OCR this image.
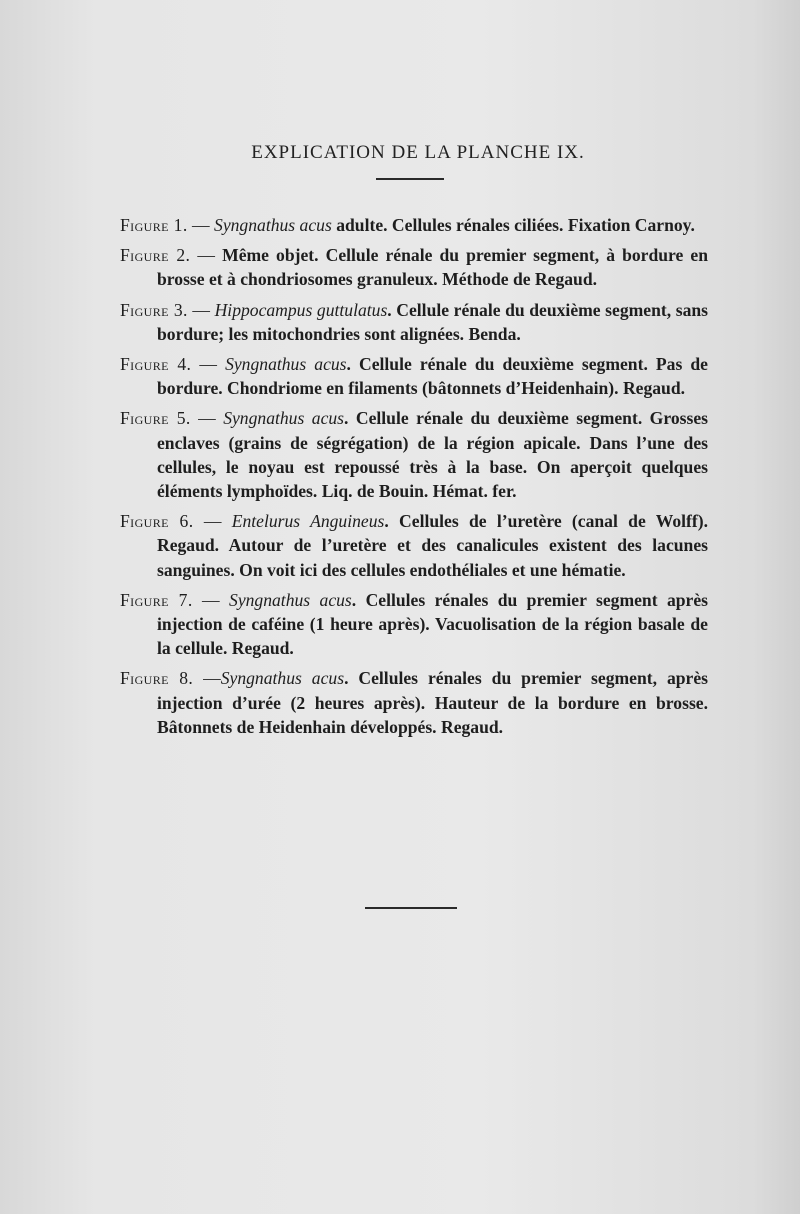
EXPLICATION DE LA PLANCHE IX.
Figure 1. — Syngnathus acus adulte. Cellules rénales ciliées. Fixation Carnoy.
Figure 2. — Même objet. Cellule rénale du premier segment, à bordure en brosse et à chondriosomes granuleux. Méthode de Regaud.
Figure 3. — Hippocampus guttulatus. Cellule rénale du deuxième segment, sans bordure; les mitochondries sont alignées. Benda.
Figure 4. — Syngnathus acus. Cellule rénale du deuxième segment. Pas de bordure. Chondriome en filaments (bâtonnets d’Heidenhain). Regaud.
Figure 5. — Syngnathus acus. Cellule rénale du deuxième segment. Grosses enclaves (grains de ségrégation) de la région apicale. Dans l’une des cellules, le noyau est repoussé très à la base. On aperçoit quelques éléments lymphoïdes. Liq. de Bouin. Hémat. fer.
Figure 6. — Entelurus Anguineus. Cellules de l’uretère (canal de Wolff). Regaud. Autour de l’uretère et des canalicules existent des lacunes sanguines. On voit ici des cellules endothéliales et une hématie.
Figure 7. — Syngnathus acus. Cellules rénales du premier segment après injection de caféine (1 heure après). Vacuolisation de la région basale de la cellule. Regaud.
Figure 8. —Syngnathus acus. Cellules rénales du premier segment, après injection d’urée (2 heures après). Hauteur de la bordure en brosse. Bâtonnets de Heidenhain développés. Regaud.
